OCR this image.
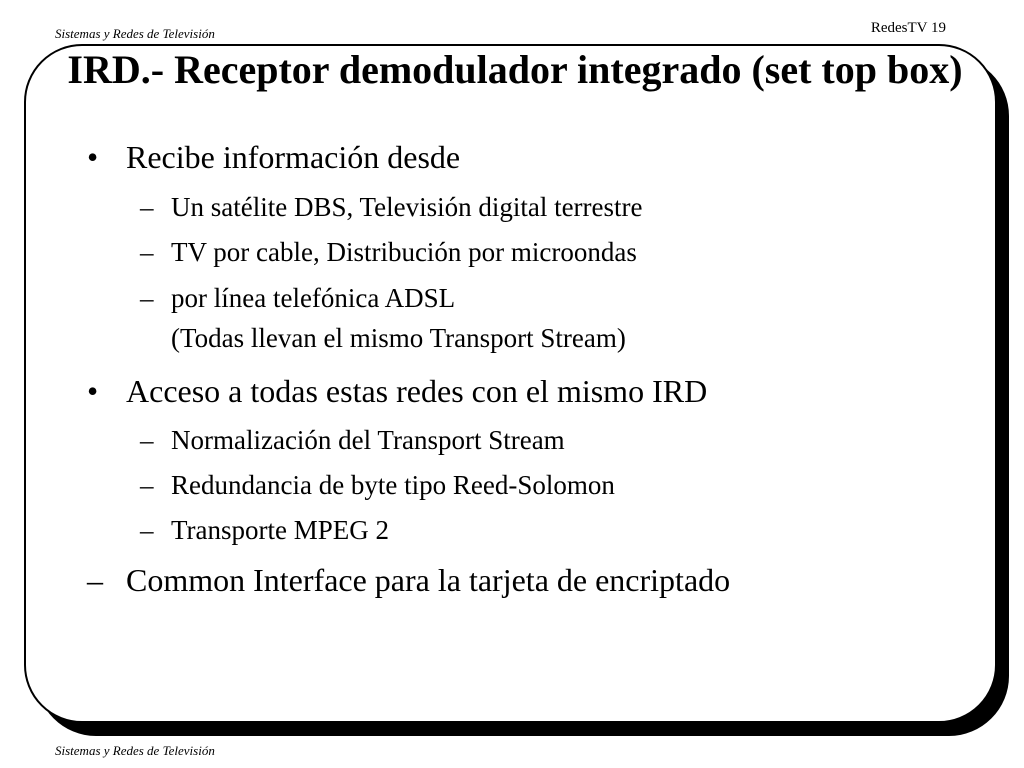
Sistemas y Redes de Televisión	RedesTV 19
IRD.- Receptor demodulador integrado (set top box)
• Recibe información desde
– Un satélite DBS, Televisión digital terrestre
– TV por cable, Distribución por microondas
– por línea telefónica ADSL
(Todas llevan el mismo Transport Stream)
• Acceso a todas estas redes con el mismo IRD
– Normalización del Transport Stream
– Redundancia de byte tipo Reed-Solomon
– Transporte MPEG 2
– Common Interface para la tarjeta de encriptado
Sistemas y Redes de Televisión
